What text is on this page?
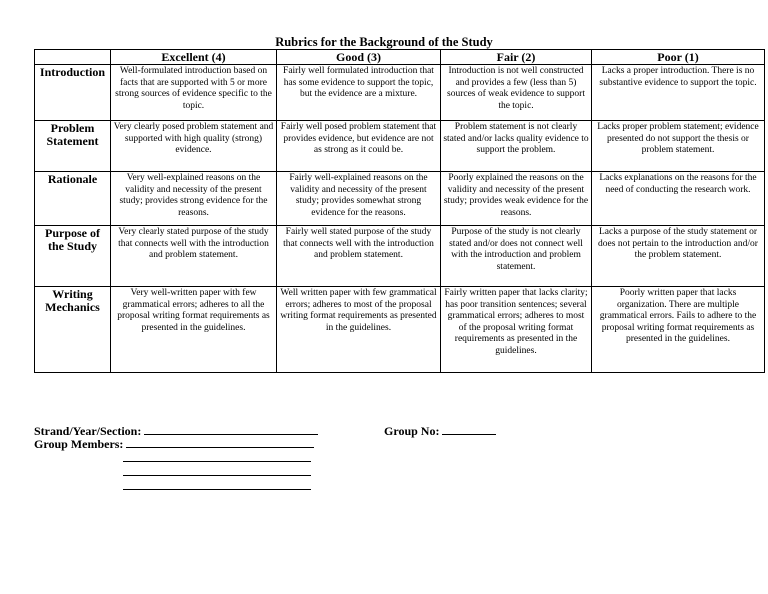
Rubrics for the Background of the Study
	Excellent (4)	Good (3)	Fair (2)	Poor (1)
Introduction	Well-formulated introduction based on facts that are supported with 5 or more strong sources of evidence specific to the topic.	Fairly well formulated introduction that has some evidence to support the topic, but the evidence are a mixture.	Introduction is not well constructed and provides a few (less than 5) sources of weak evidence to support the topic.	Lacks a proper introduction. There is no substantive evidence to support the topic.
Problem Statement	Very clearly posed problem statement and supported with high quality (strong) evidence.	Fairly well posed problem statement that provides evidence, but evidence are not as strong as it could be.	Problem statement is not clearly stated and/or lacks quality evidence to support the problem.	Lacks proper problem statement; evidence presented do not support the thesis or problem statement.
Rationale	Very well-explained reasons on the validity and necessity of the present study; provides strong evidence for the reasons.	Fairly well-explained reasons on the validity and necessity of the present study; provides somewhat strong evidence for the reasons.	Poorly explained the reasons on the validity and necessity of the present study; provides weak evidence for the reasons.	Lacks explanations on the reasons for the need of conducting the research work.
Purpose of the Study	Very clearly stated purpose of the study that connects well with the introduction and problem statement.	Fairly well stated purpose of the study that connects well with the introduction and problem statement.	Purpose of the study is not clearly stated and/or does not connect well with the introduction and problem statement.	Lacks a purpose of the study statement or does not pertain to the introduction and/or the problem statement.
Writing Mechanics	Very well-written paper with few grammatical errors; adheres to all the proposal writing format requirements as presented in the guidelines.	Well written paper with few grammatical errors; adheres to most of the proposal writing format requirements as presented in the guidelines.	Fairly written paper that lacks clarity; has poor transition sentences; several grammatical errors; adheres to most of the proposal writing format requirements as presented in the guidelines.	Poorly written paper that lacks organization. There are multiple grammatical errors. Fails to adhere to the proposal writing format requirements as presented in the guidelines.
Strand/Year/Section:	Group No:
Group Members:
